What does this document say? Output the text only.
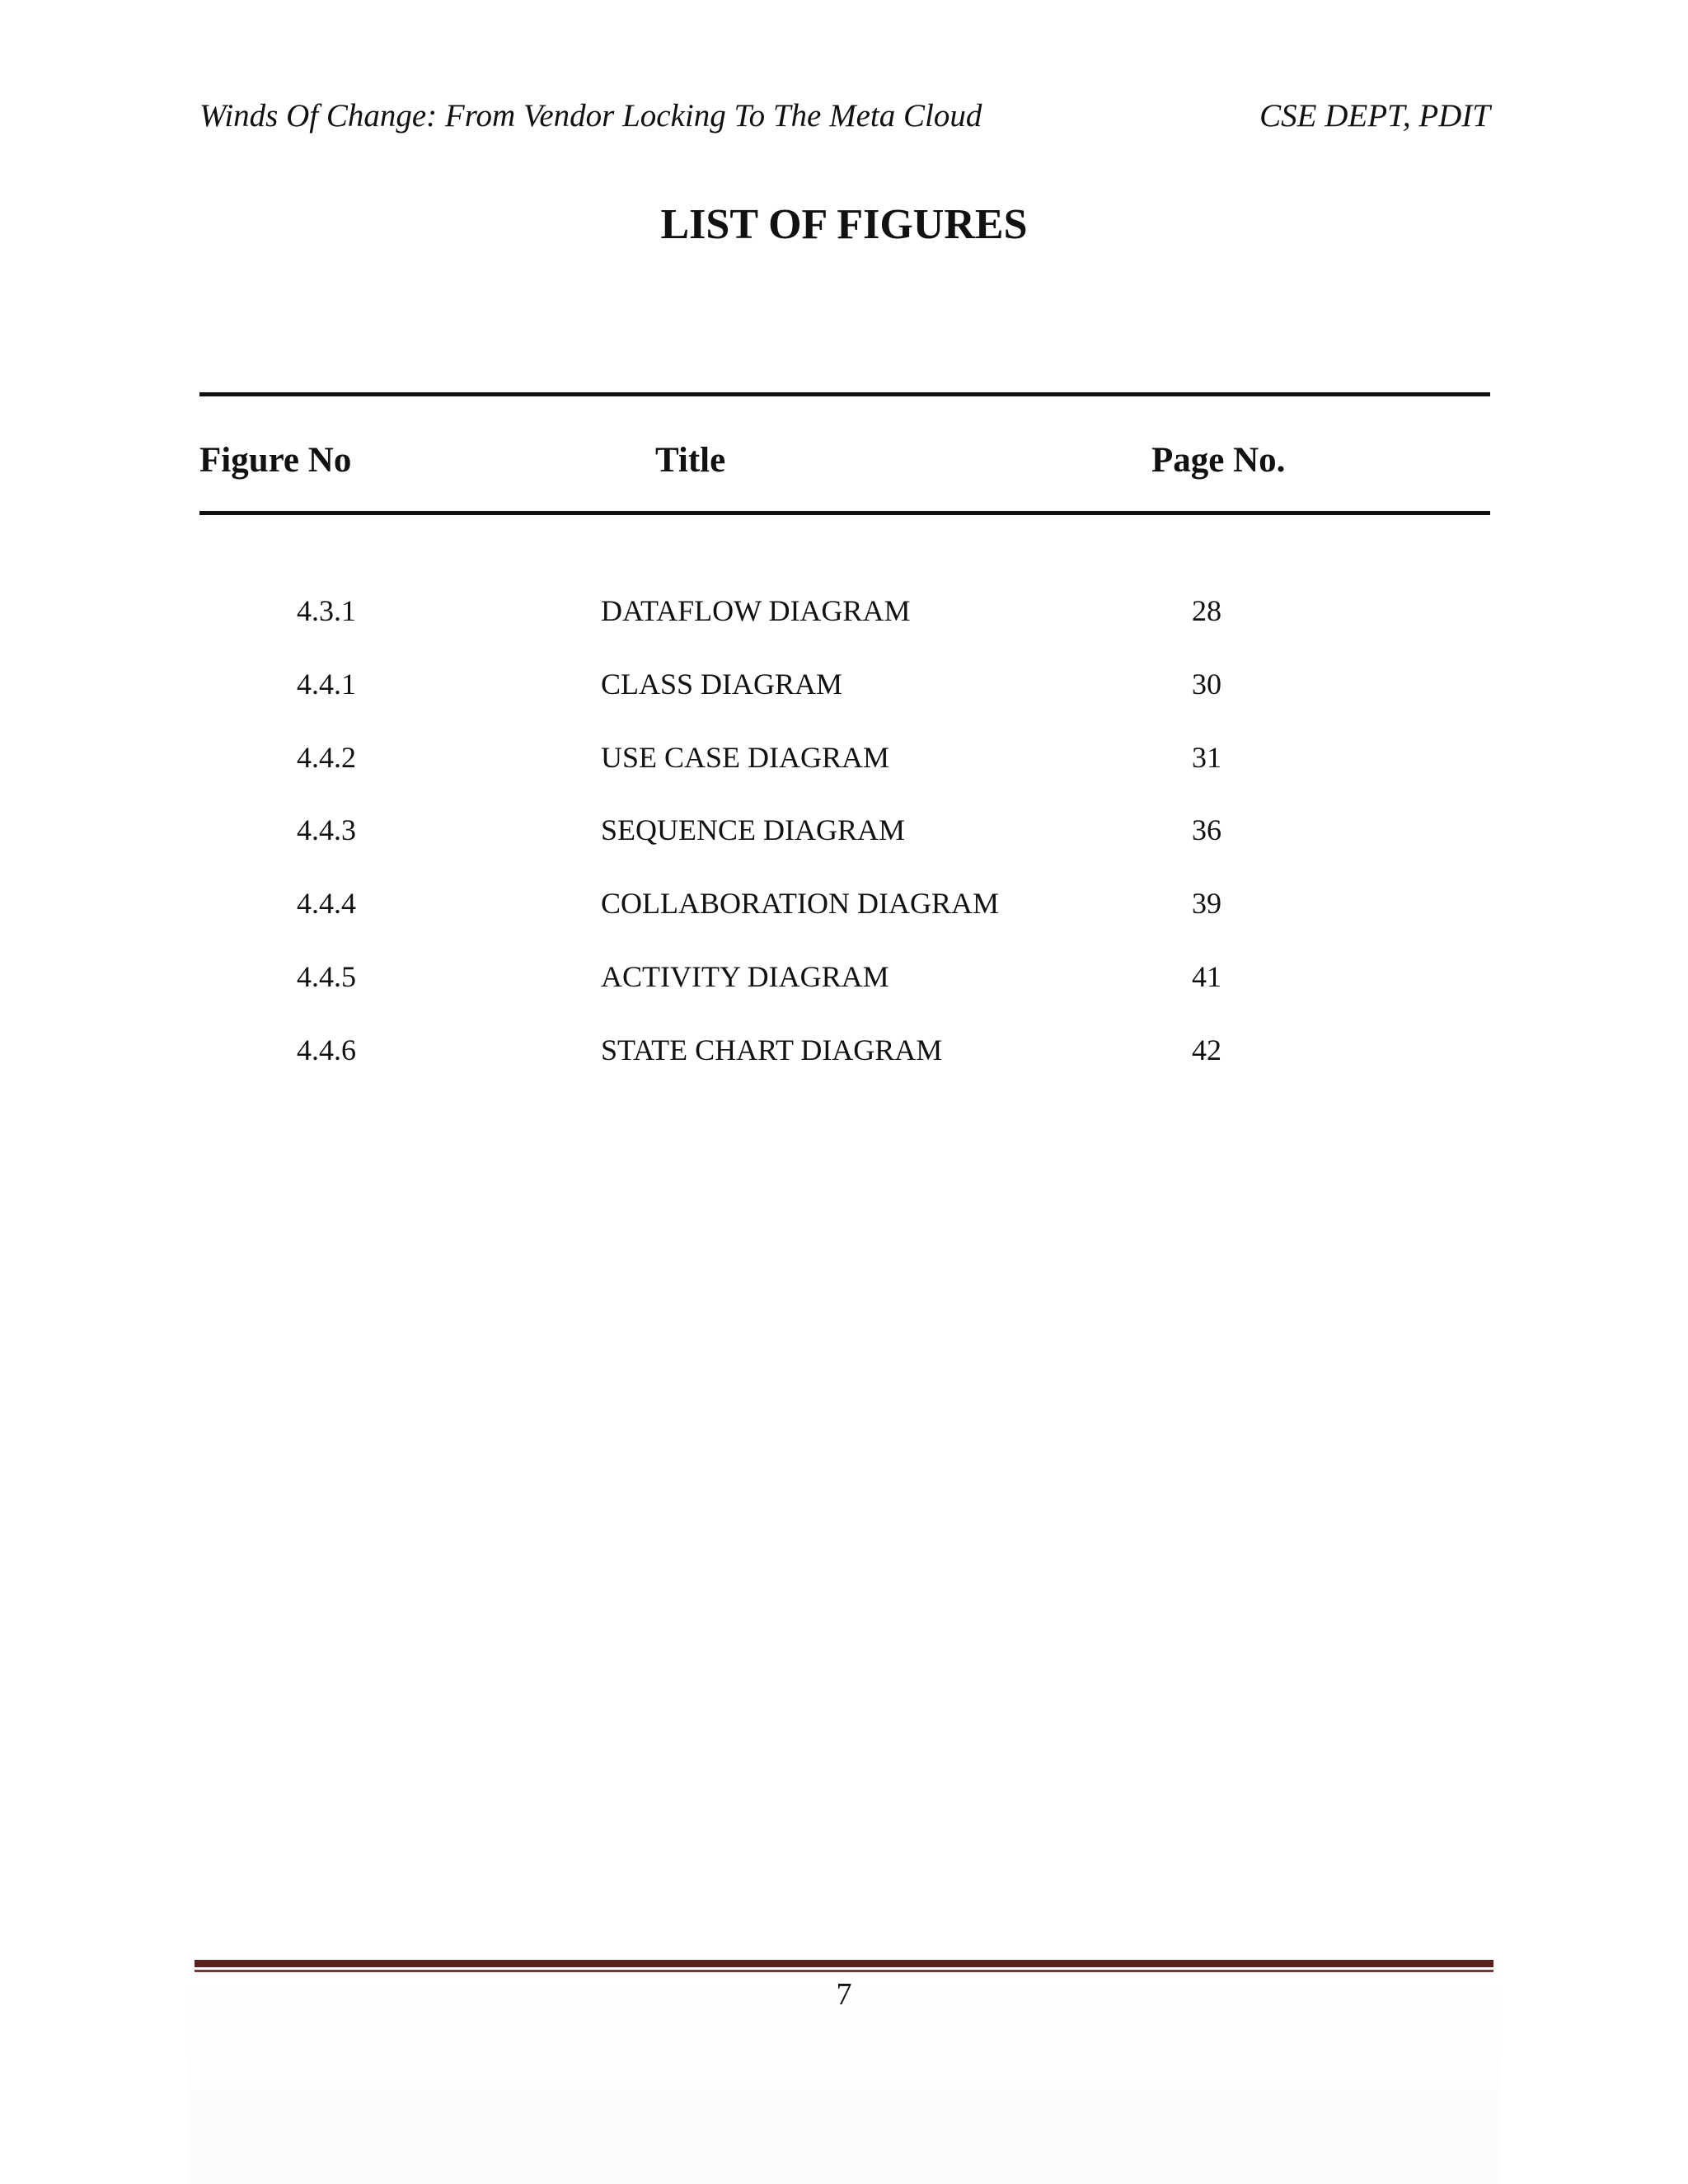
Winds Of Change: From Vendor Locking To The Meta Cloud	CSE DEPT, PDIT
LIST OF FIGURES
Figure No	Title	Page No.
4.3.1	DATAFLOW DIAGRAM	28
4.4.1	CLASS DIAGRAM	30
4.4.2	USE CASE DIAGRAM	31
4.4.3	SEQUENCE DIAGRAM	36
4.4.4	COLLABORATION DIAGRAM	39
4.4.5	ACTIVITY DIAGRAM	41
4.4.6	STATE CHART DIAGRAM	42
7
